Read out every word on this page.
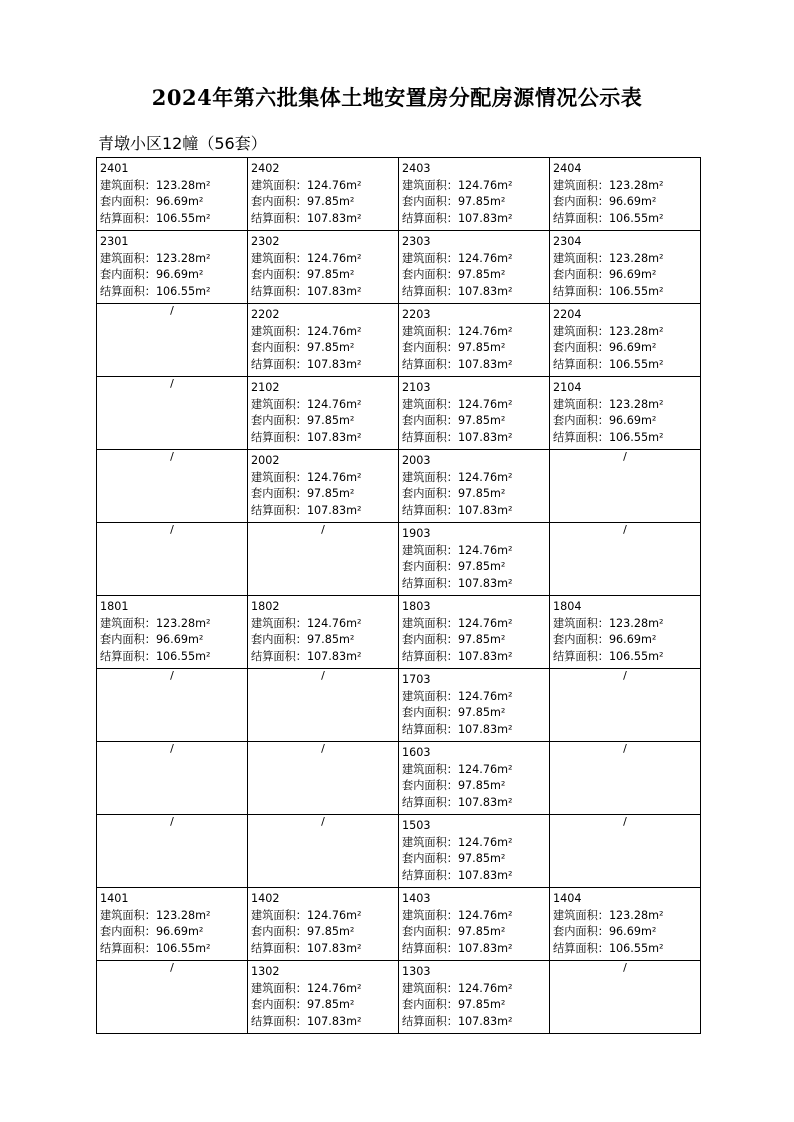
2024年第六批集体土地安置房分配房源情况公示表
青墩小区12幢（56套）
2401
建筑面积：123.28m²
套内面积：96.69m²
结算面积：106.55m²	2402
建筑面积：124.76m²
套内面积：97.85m²
结算面积：107.83m²	2403
建筑面积：124.76m²
套内面积：97.85m²
结算面积：107.83m²	2404
建筑面积：123.28m²
套内面积：96.69m²
结算面积：106.55m²

2301
建筑面积：123.28m²
套内面积：96.69m²
结算面积：106.55m²	2302
建筑面积：124.76m²
套内面积：97.85m²
结算面积：107.83m²	2303
建筑面积：124.76m²
套内面积：97.85m²
结算面积：107.83m²	2304
建筑面积：123.28m²
套内面积：96.69m²
结算面积：106.55m²

/	2202
建筑面积：124.76m²
套内面积：97.85m²
结算面积：107.83m²	2203
建筑面积：124.76m²
套内面积：97.85m²
结算面积：107.83m²	2204
建筑面积：123.28m²
套内面积：96.69m²
结算面积：106.55m²

/	2102
建筑面积：124.76m²
套内面积：97.85m²
结算面积：107.83m²	2103
建筑面积：124.76m²
套内面积：97.85m²
结算面积：107.83m²	2104
建筑面积：123.28m²
套内面积：96.69m²
结算面积：106.55m²

/	2002
建筑面积：124.76m²
套内面积：97.85m²
结算面积：107.83m²	2003
建筑面积：124.76m²
套内面积：97.85m²
结算面积：107.83m²	/
/	/	1903
建筑面积：124.76m²
套内面积：97.85m²
结算面积：107.83m²	/

1801
建筑面积：123.28m²
套内面积：96.69m²
结算面积：106.55m²	1802
建筑面积：124.76m²
套内面积：97.85m²
结算面积：107.83m²	1803
建筑面积：124.76m²
套内面积：97.85m²
结算面积：107.83m²	1804
建筑面积：123.28m²
套内面积：96.69m²
结算面积：106.55m²

/	/	1703
建筑面积：124.76m²
套内面积：97.85m²
结算面积：107.83m²	/
/	/	1603
建筑面积：124.76m²
套内面积：97.85m²
结算面积：107.83m²	/
/	/	1503
建筑面积：124.76m²
套内面积：97.85m²
结算面积：107.83m²	/

1401
建筑面积：123.28m²
套内面积：96.69m²
结算面积：106.55m²	1402
建筑面积：124.76m²
套内面积：97.85m²
结算面积：107.83m²	1403
建筑面积：124.76m²
套内面积：97.85m²
结算面积：107.83m²	1404
建筑面积：123.28m²
套内面积：96.69m²
结算面积：106.55m²

/	1302
建筑面积：124.76m²
套内面积：97.85m²
结算面积：107.83m²	1303
建筑面积：124.76m²
套内面积：97.85m²
结算面积：107.83m²	/
